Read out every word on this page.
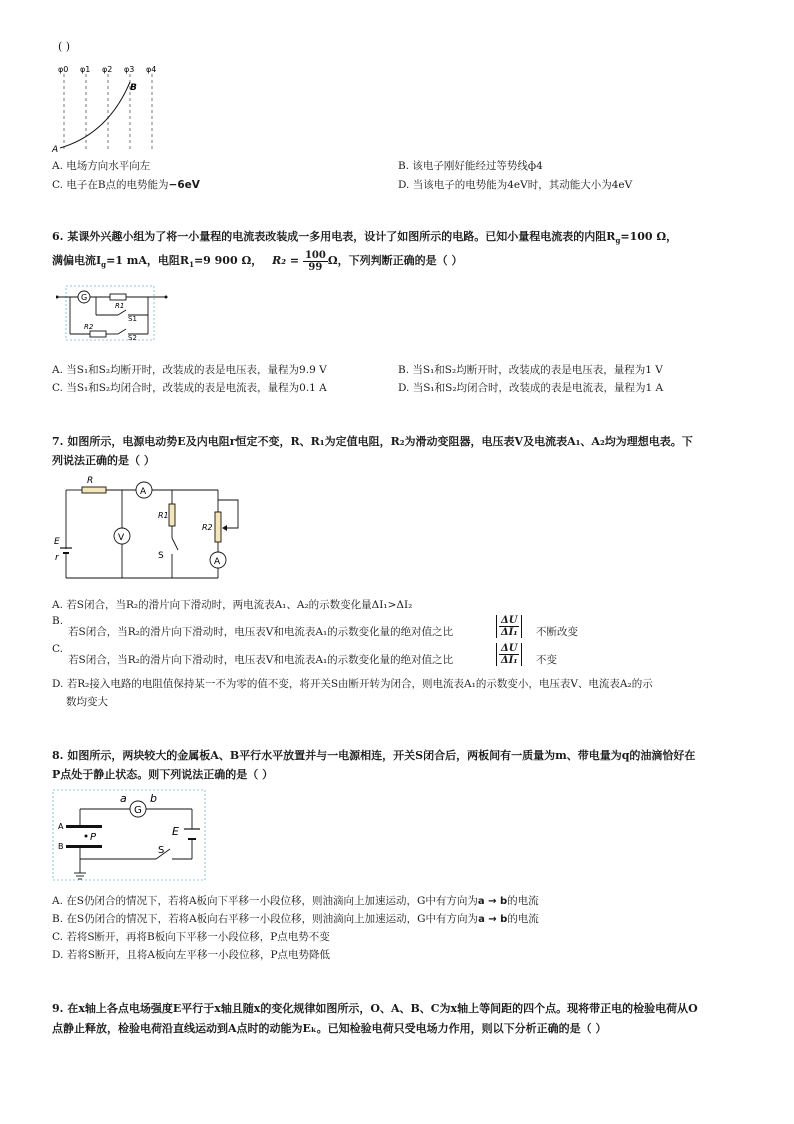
( )
φ0 φ1 φ2 φ3 φ4
B
A
A. 电场方向水平向左	B. 该电子刚好能经过等势线ф4
C. 电子在B点的电势能为−6eV	D. 当该电子的电势能为4eV时，其动能大小为4eV
6. 某课外兴趣小组为了将一小量程的电流表改装成一多用电表，设计了如图所示的电路。已知小量程电流表的内阻$R_g=100$ Ω，
满偏电流$I_g=1$ mA，电阻$R_1=9$ 900 Ω， $R_2 = \frac{100}{99}\Omega$，下列判断正确的是（ ）
G
R1
R2
S1
S2
A. 当S₁和S₂均断开时，改装成的表是电压表，量程为9.9 V	B. 当S₁和S₂均断开时，改装成的表是电压表，量程为1 V
C. 当S₁和S₂均闭合时，改装成的表是电流表，量程为0.1 A	D. 当S₁和S₂均闭合时，改装成的表是电流表，量程为1 A
7. 如图所示，电源电动势E及内电阻r恒定不变，R、R₁为定值电阻，R₂为滑动变阻器，电压表V及电流表A₁、A₂均为理想电表。下
列说法正确的是（ ）
A
V
A
R
R1
R2
S
E
r
A. 若S闭合，当R₂的滑片向下滑动时，两电流表A₁、A₂的示数变化量ΔI₁>ΔI₂
B.
若S闭合，当R₂的滑片向下滑动时，电压表V和电流表A₁的示数变化量的绝对值之比	$\frac{\Delta U}{\text{ΔI₁}}$ 不断改变
C.
若S闭合，当R₂的滑片向下滑动时，电压表V和电流表A₁的示数变化量的绝对值之比	$\frac{\Delta U}{\text{ΔI₁}}$ 不变
D. 若R₂接入电路的电阻值保持某一不为零的值不变，将开关S由断开转为闭合，则电流表A₁的示数变小，电压表V、电流表A₂的示
数均变大
8. 如图所示，两块较大的金属板A、B平行水平放置并与一电源相连，开关S闭合后，两板间有一质量为m、带电量为q的油滴恰好在
P点处于静止状态。则下列说法正确的是（ ）
G
a b
A
P
B
E
S
A. 在S仍闭合的情况下，若将A板向下平移一小段位移，则油滴向上加速运动，G中有方向为a → b的电流
B. 在S仍闭合的情况下，若将A板向右平移一小段位移，则油滴向上加速运动，G中有方向为a → b的电流
C. 若将S断开，再将B板向下平移一小段位移，P点电势不变
D. 若将S断开，且将A板向左平移一小段位移，P点电势降低
9. 在x轴上各点电场强度E平行于x轴且随x的变化规律如图所示，O、A、B、C为x轴上等间距的四个点。现将带正电的检验电荷从O
点静止释放，检验电荷沿直线运动到A点时的动能为Eₖ。已知检验电荷只受电场力作用，则以下分析正确的是（ ）
